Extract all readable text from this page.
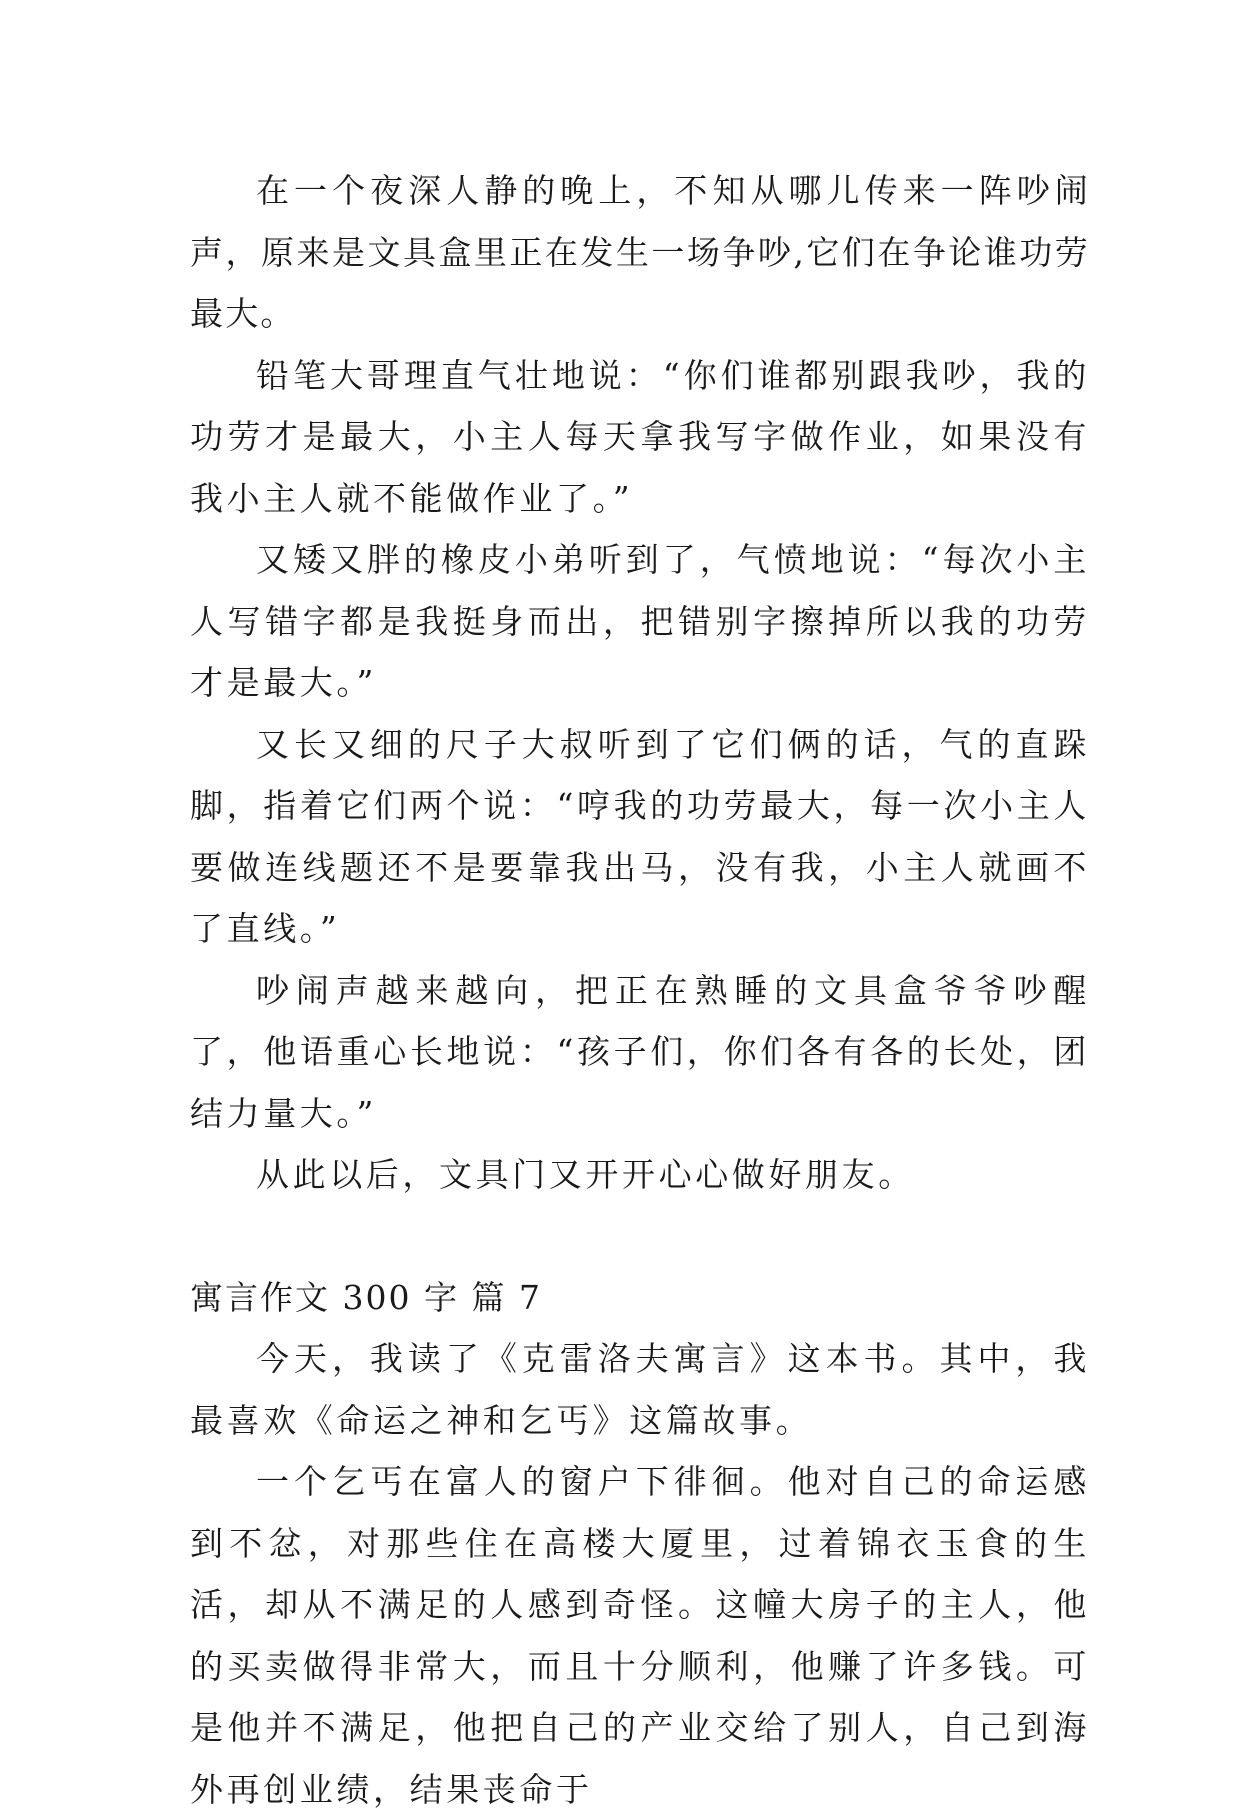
在一个夜深人静的晚上，不知从哪儿传来一阵吵闹声，原来是文具盒里正在发生一场争吵,它们在争论谁功劳最大。

铅笔大哥理直气壮地说：“你们谁都别跟我吵，我的功劳才是最大，小主人每天拿我写字做作业，如果没有我小主人就不能做作业了。”

又矮又胖的橡皮小弟听到了，气愤地说：“每次小主人写错字都是我挺身而出，把错别字擦掉所以我的功劳才是最大。”

又长又细的尺子大叔听到了它们俩的话，气的直跺脚，指着它们两个说：“哼我的功劳最大，每一次小主人要做连线题还不是要靠我出马，没有我，小主人就画不了直线。”

吵闹声越来越向，把正在熟睡的文具盒爷爷吵醒了，他语重心长地说：“孩子们，你们各有各的长处，团结力量大。”

从此以后，文具门又开开心心做好朋友。

寓言作文 300 字 篇 7

今天，我读了《克雷洛夫寓言》这本书。其中，我最喜欢《命运之神和乞丐》这篇故事。

一个乞丐在富人的窗户下徘徊。他对自己的命运感到不忿，对那些住在高楼大厦里，过着锦衣玉食的生活，却从不满足的人感到奇怪。这幢大房子的主人，他的买卖做得非常大，而且十分顺利，他赚了许多钱。可是他并不满足，他把自己的产业交给了别人，自己到海外再创业绩，结果丧命于
